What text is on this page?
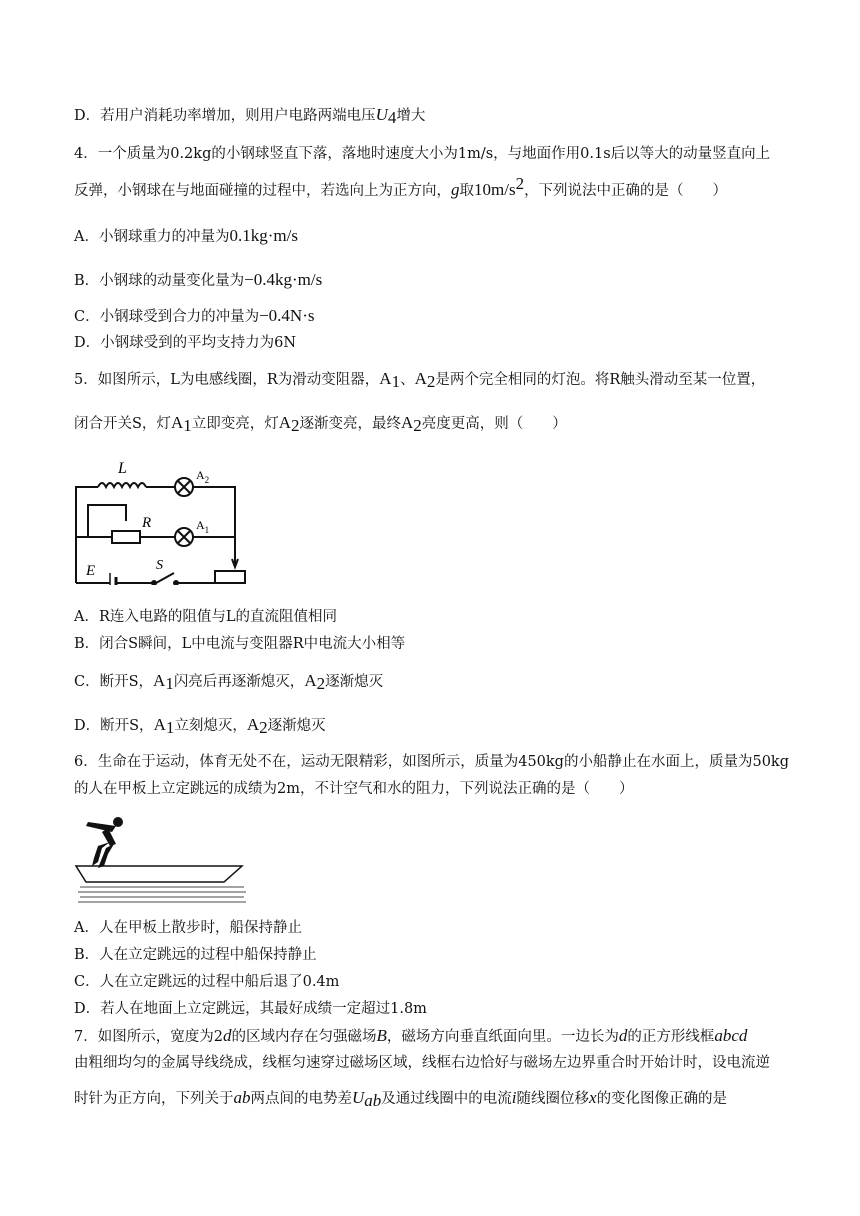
D．若用户消耗功率增加，则用户电路两端电压$U_4$增大
4．一个质量为0.2kg的小钢球竖直下落，落地时速度大小为1m/s，与地面作用0.1s后以等大的动量竖直向上
反弹，小钢球在与地面碰撞的过程中，若选向上为正方向，g取$10m/s^2$，下列说法中正确的是（　　）
A．小钢球重力的冲量为0.1kg·m/s
B．小钢球的动量变化量为−0.4kg·m/s
C．小钢球受到合力的冲量为−0.4N·s
D．小钢球受到的平均支持力为6N
5．如图所示，L为电感线圈，R为滑动变阻器，$A_1$、$A_2$是两个完全相同的灯泡。将R触头滑动至某一位置，
闭合开关S，灯$A_1$立即变亮，灯$A_2$逐渐变亮，最终$A_2$亮度更高，则（　　）
L	$A_2$
R	$A_1$
E	S
A．R连入电路的阻值与L的直流阻值相同
B．闭合S瞬间，L中电流与变阻器R中电流大小相等
C．断开S，$A_1$闪亮后再逐渐熄灭，$A_2$逐渐熄灭
D．断开S，$A_1$立刻熄灭，$A_2$逐渐熄灭
6．生命在于运动，体育无处不在，运动无限精彩，如图所示，质量为450kg的小船静止在水面上，质量为50kg
的人在甲板上立定跳远的成绩为2m，不计空气和水的阻力，下列说法正确的是（　　）
A．人在甲板上散步时，船保持静止
B．人在立定跳远的过程中船保持静止
C．人在立定跳远的过程中船后退了0.4m
D．若人在地面上立定跳远，其最好成绩一定超过1.8m
7．如图所示，宽度为2d的区域内存在匀强磁场B，磁场方向垂直纸面向里。一边长为d的正方形线框abcd
由粗细均匀的金属导线绕成，线框匀速穿过磁场区域，线框右边恰好与磁场左边界重合时开始计时，设电流逆
时针为正方向，下列关于ab两点间的电势差$U_{ab}$及通过线圈中的电流i随线圈位移x的变化图像正确的是
